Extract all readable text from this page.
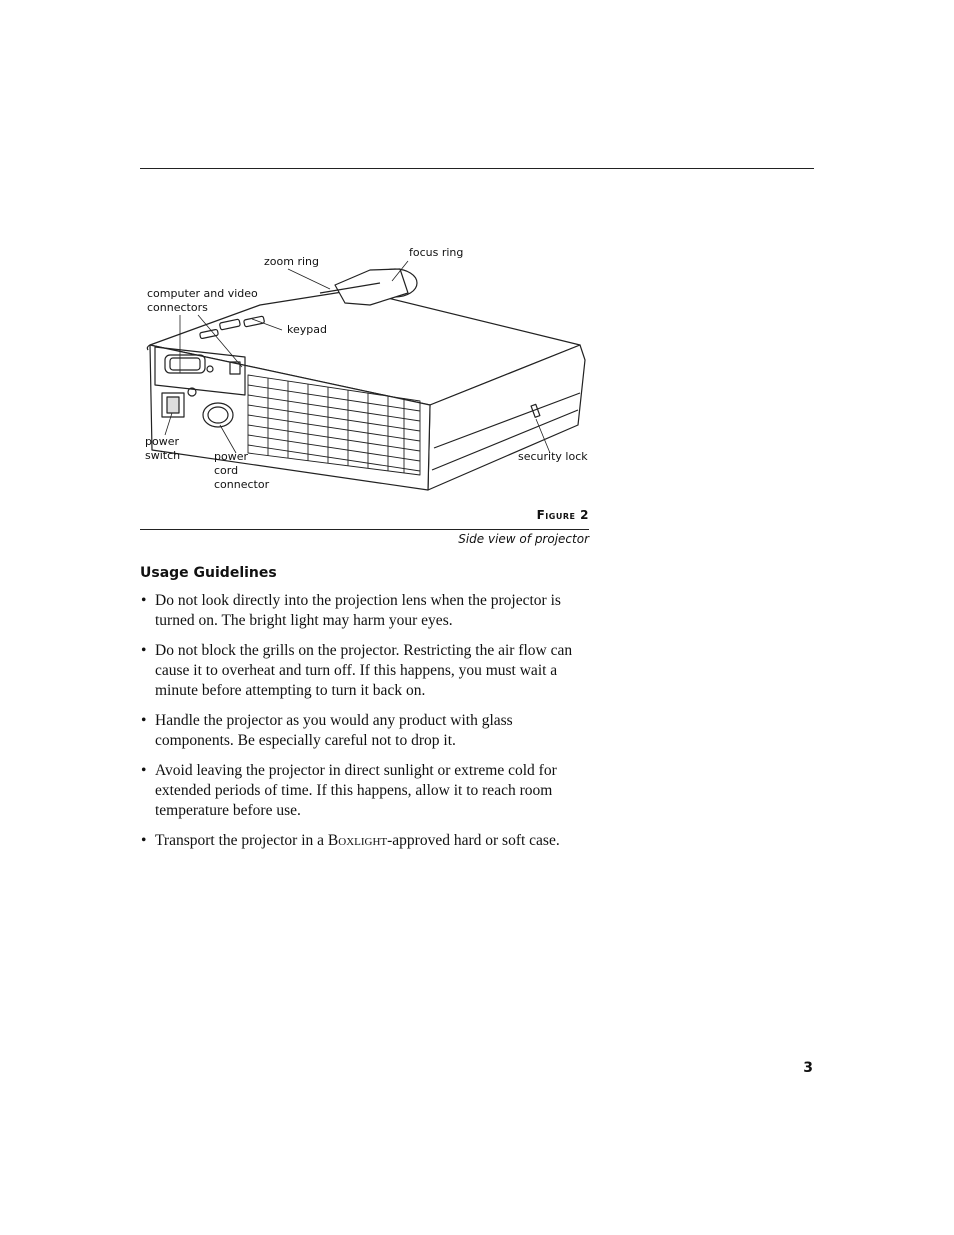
zoom ring
focus ring
computer and video
connectors
keypad
power
switch	power
cord
connector
security lock
Figure 2
Side view of projector
Usage Guidelines
• Do not look directly into the projection lens when the projector is turned on. The bright light may harm your eyes.
• Do not block the grills on the projector. Restricting the air flow can cause it to overheat and turn off. If this happens, you must wait a minute before attempting to turn it back on.
• Handle the projector as you would any product with glass components. Be especially careful not to drop it.
• Avoid leaving the projector in direct sunlight or extreme cold for extended periods of time. If this happens, allow it to reach room temperature before use.
• Transport the projector in a Boxlight-approved hard or soft case.
3
